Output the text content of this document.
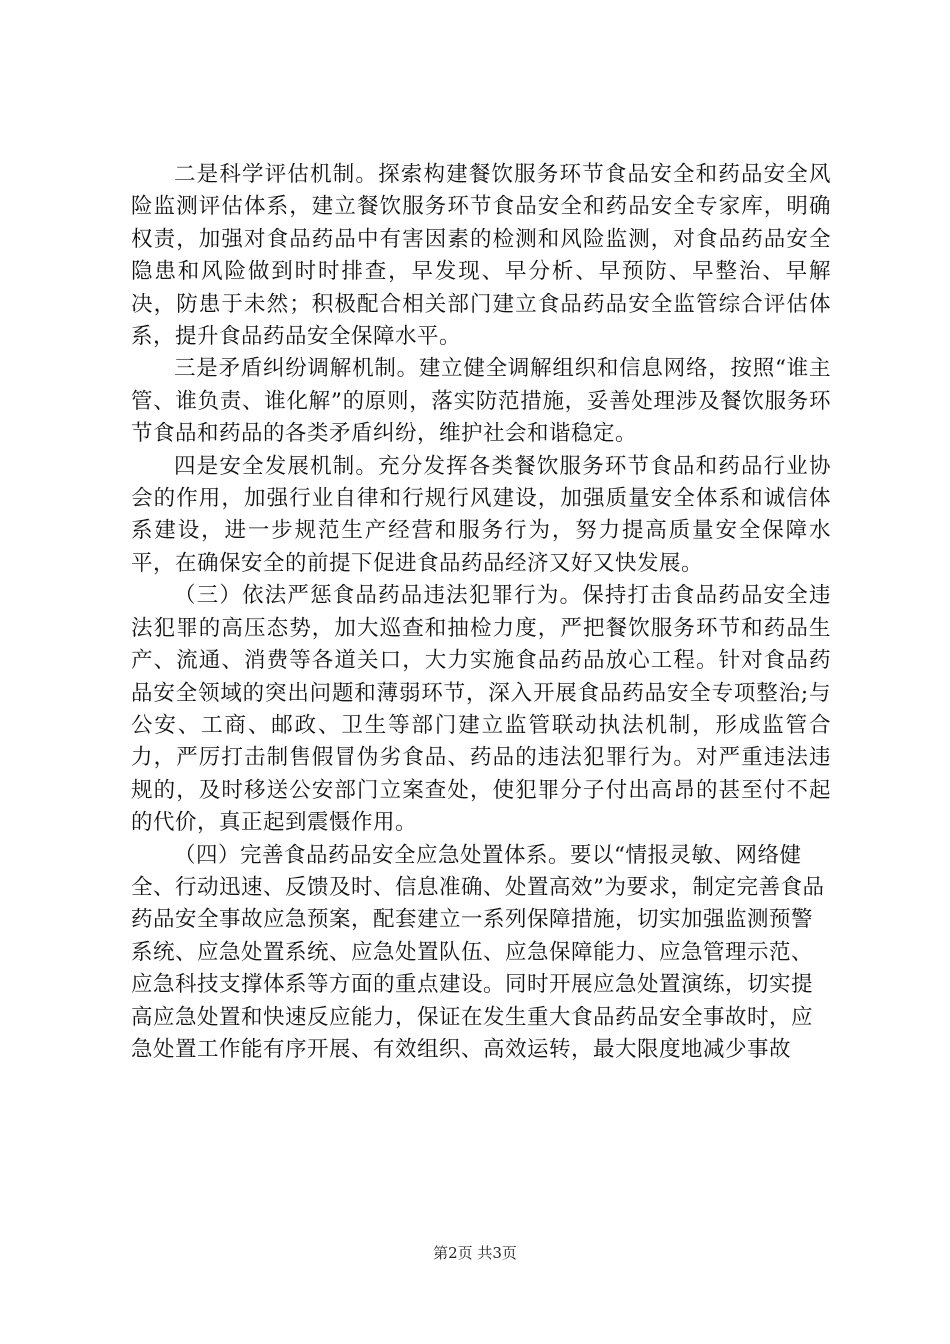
二是科学评估机制。探索构建餐饮服务环节食品安全和药品安全风险监测评估体系，建立餐饮服务环节食品安全和药品安全专家库，明确权责，加强对食品药品中有害因素的检测和风险监测，对食品药品安全隐患和风险做到时时排查，早发现、早分析、早预防、早整治、早解决，防患于未然；积极配合相关部门建立食品药品安全监管综合评估体系，提升食品药品安全保障水平。

三是矛盾纠纷调解机制。建立健全调解组织和信息网络，按照“谁主管、谁负责、谁化解”的原则，落实防范措施，妥善处理涉及餐饮服务环节食品和药品的各类矛盾纠纷，维护社会和谐稳定。

四是安全发展机制。充分发挥各类餐饮服务环节食品和药品行业协会的作用，加强行业自律和行规行风建设，加强质量安全体系和诚信体系建设，进一步规范生产经营和服务行为，努力提高质量安全保障水平，在确保安全的前提下促进食品药品经济又好又快发展。

（三）依法严惩食品药品违法犯罪行为。保持打击食品药品安全违法犯罪的高压态势，加大巡查和抽检力度，严把餐饮服务环节和药品生产、流通、消费等各道关口，大力实施食品药品放心工程。针对食品药品安全领域的突出问题和薄弱环节，深入开展食品药品安全专项整治;与公安、工商、邮政、卫生等部门建立监管联动执法机制，形成监管合力，严厉打击制售假冒伪劣食品、药品的违法犯罪行为。对严重违法违规的，及时移送公安部门立案查处，使犯罪分子付出高昂的甚至付不起的代价，真正起到震慑作用。

（四）完善食品药品安全应急处置体系。要以“情报灵敏、网络健全、行动迅速、反馈及时、信息准确、处置高效”为要求，制定完善食品药品安全事故应急预案，配套建立一系列保障措施，切实加强监测预警系统、应急处置系统、应急处置队伍、应急保障能力、应急管理示范、应急科技支撑体系等方面的重点建设。同时开展应急处置演练，切实提高应急处置和快速反应能力，保证在发生重大食品药品安全事故时，应急处置工作能有序开展、有效组织、高效运转，最大限度地减少事故

第2页 共3页
